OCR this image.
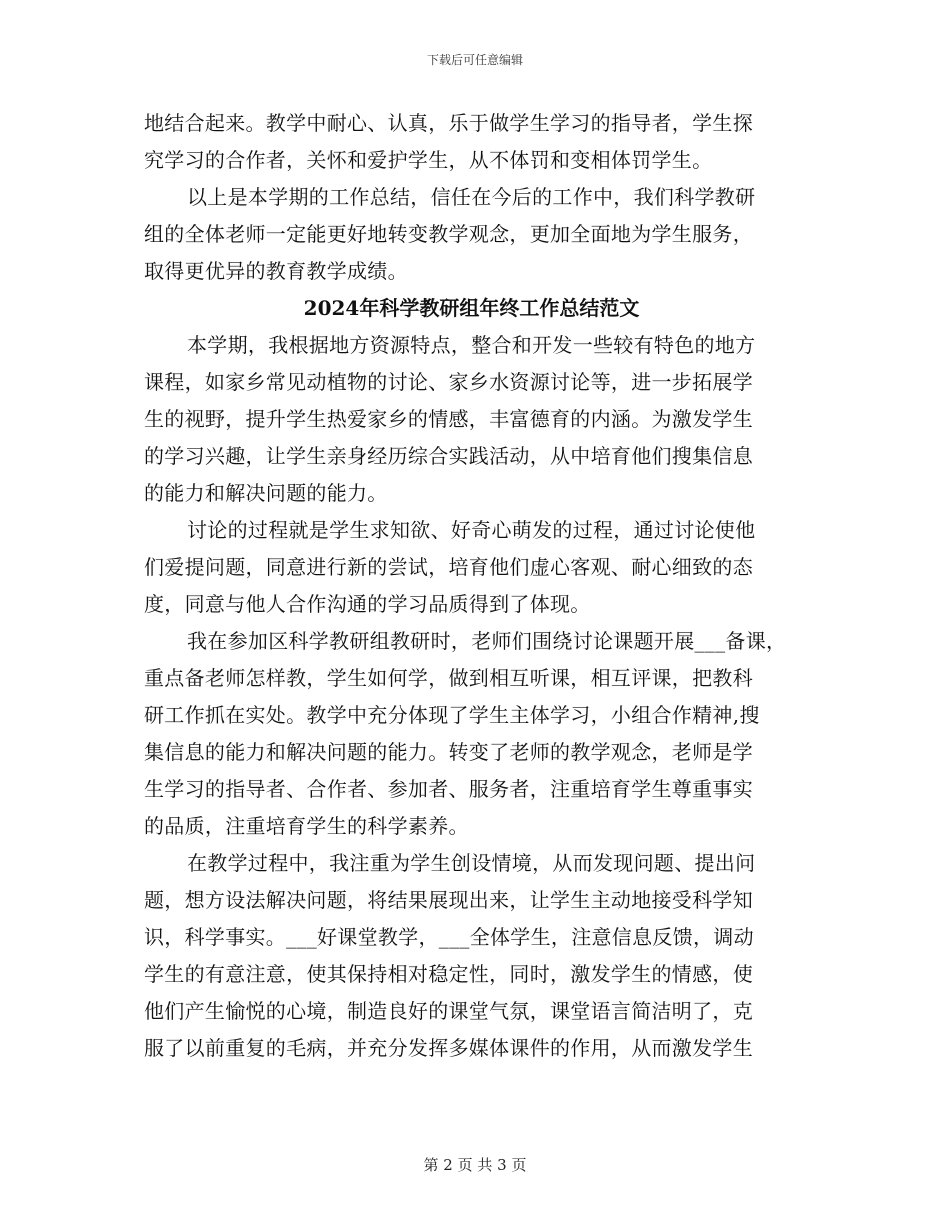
下载后可任意编辑
地结合起来。教学中耐心、认真，乐于做学生学习的指导者，学生探
究学习的合作者，关怀和爱护学生，从不体罚和变相体罚学生。
以上是本学期的工作总结，信任在今后的工作中，我们科学教研
组的全体老师一定能更好地转变教学观念，更加全面地为学生服务，
取得更优异的教育教学成绩。
2024年科学教研组年终工作总结范文
本学期，我根据地方资源特点，整合和开发一些较有特色的地方
课程，如家乡常见动植物的讨论、家乡水资源讨论等，进一步拓展学
生的视野，提升学生热爱家乡的情感，丰富德育的内涵。为激发学生
的学习兴趣，让学生亲身经历综合实践活动，从中培育他们搜集信息
的能力和解决问题的能力。
讨论的过程就是学生求知欲、好奇心萌发的过程，通过讨论使他
们爱提问题，同意进行新的尝试，培育他们虚心客观、耐心细致的态
度，同意与他人合作沟通的学习品质得到了体现。
我在参加区科学教研组教研时，老师们围绕讨论课题开展___备课，
重点备老师怎样教，学生如何学，做到相互听课，相互评课，把教科
研工作抓在实处。教学中充分体现了学生主体学习，小组合作精神,搜
集信息的能力和解决问题的能力。转变了老师的教学观念，老师是学
生学习的指导者、合作者、参加者、服务者，注重培育学生尊重事实
的品质，注重培育学生的科学素养。
在教学过程中，我注重为学生创设情境，从而发现问题、提出问
题，想方设法解决问题，将结果展现出来，让学生主动地接受科学知
识，科学事实。___好课堂教学，___全体学生，注意信息反馈，调动
学生的有意注意，使其保持相对稳定性，同时，激发学生的情感，使
他们产生愉悦的心境，制造良好的课堂气氛，课堂语言简洁明了，克
服了以前重复的毛病，并充分发挥多媒体课件的作用，从而激发学生
第 2 页 共 3 页
